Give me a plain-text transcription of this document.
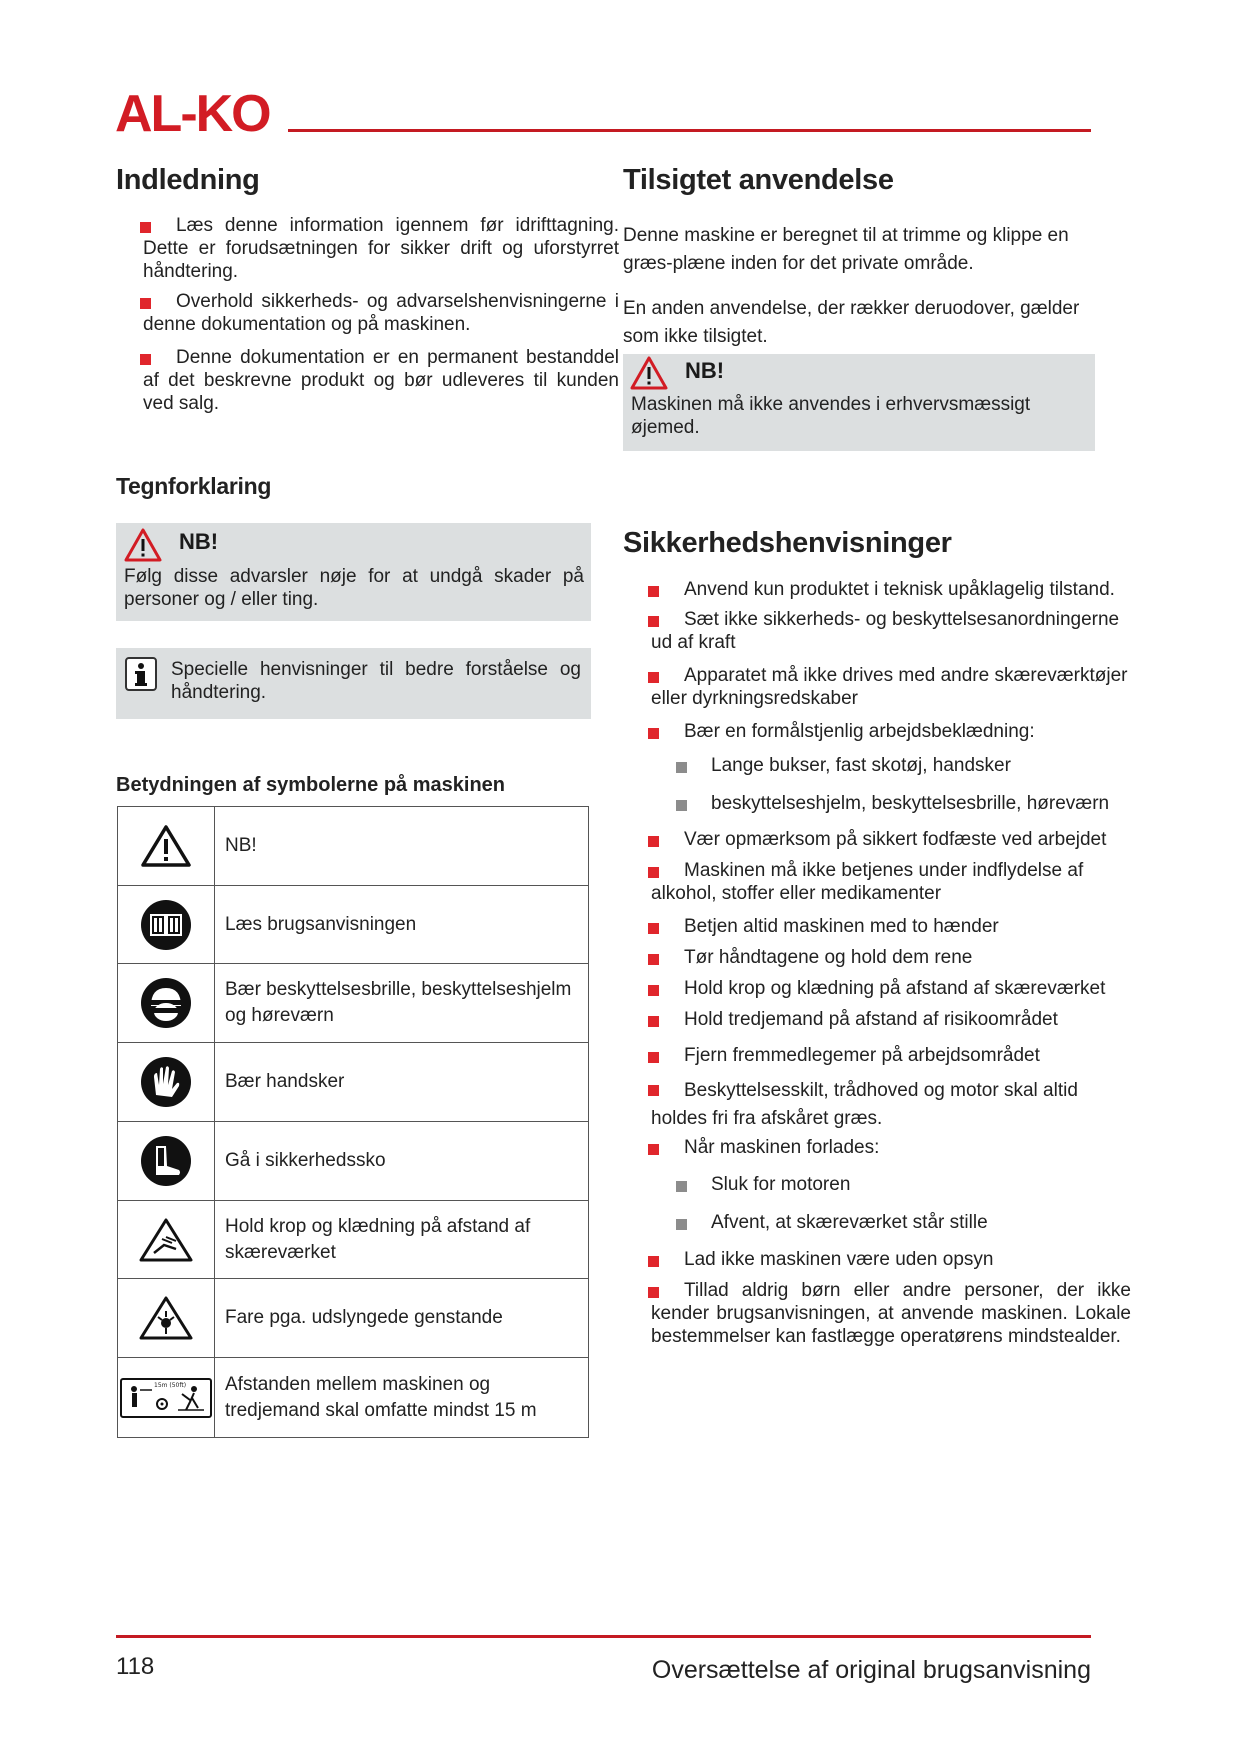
AL-KO
Indledning
Læs denne information igennem før idrifttagning. Dette er forudsætningen for sikker drift og uforstyrret håndtering.
Overhold sikkerheds- og advarselshenvisningerne i denne dokumentation og på maskinen.
Denne dokumentation er en permanent bestanddel af det beskrevne produkt og bør udleveres til kunden ved salg.
Tegnforklaring
NB!
Følg disse advarsler nøje for at undgå skader på personer og / eller ting.
Specielle henvisninger til bedre forståelse og håndtering.
Betydningen af symbolerne på maskinen
	NB!

	Læs brugsanvisningen

	Bær beskyttelsesbrille, beskyttelseshjelm og høreværn

	Bær handsker

	Gå i sikkerhedssko

	Hold krop og klædning på afstand af skæreværket

	Fare pga. udslyngede genstande

15m (50ft)	Afstanden mellem maskinen og tredjemand skal omfatte mindst 15 m
Tilsigtet anvendelse
Denne maskine er beregnet til at trimme og klippe en græs-plæne inden for det private område.
En anden anvendelse, der rækker deruodover, gælder som ikke tilsigtet.
NB!
Maskinen må ikke anvendes i erhvervsmæssigt øjemed.
Sikkerhedshenvisninger
Anvend kun produktet i teknisk upåklagelig tilstand.
Sæt ikke sikkerheds- og beskyttelsesanordningerne ud af kraft
Apparatet må ikke drives med andre skæreværktøjer eller dyrkningsredskaber
Bær en formålstjenlig arbejdsbeklædning:
Lange bukser, fast skotøj, handsker
beskyttelseshjelm, beskyttelsesbrille, høreværn
Vær opmærksom på sikkert fodfæste ved arbejdet
Maskinen må ikke betjenes under indflydelse af alkohol, stoffer eller medikamenter
Betjen altid maskinen med to hænder
Tør håndtagene og hold dem rene
Hold krop og klædning på afstand af skæreværket
Hold tredjemand på afstand af risikoområdet
Fjern fremmedlegemer på arbejdsområdet
Beskyttelsesskilt, trådhoved og motor skal altid holdes fri fra afskåret græs.
Når maskinen forlades:
Sluk for motoren
Afvent, at skæreværket står stille
Lad ikke maskinen være uden opsyn
Tillad aldrig børn eller andre personer, der ikke kender brugsanvisningen, at anvende maskinen. Lokale bestemmelser kan fastlægge operatørens mindstealder.
118	Oversættelse af original brugsanvisning
